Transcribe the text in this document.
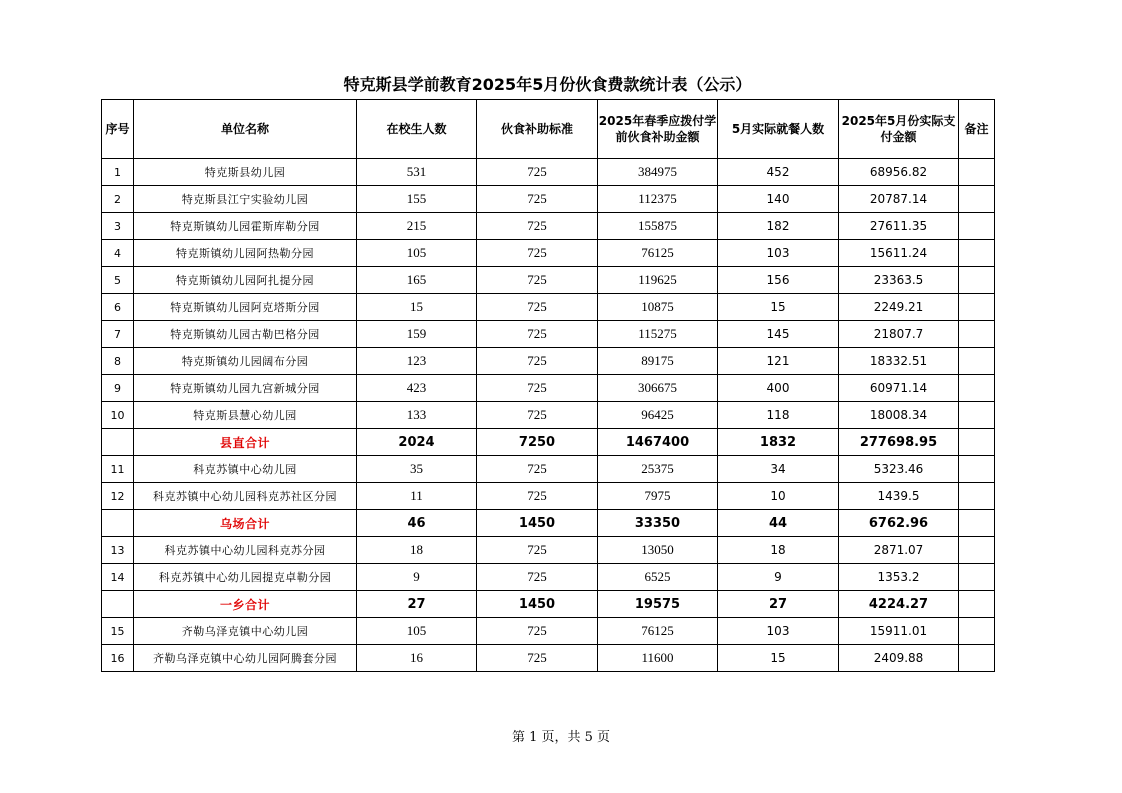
特克斯县学前教育2025年5月份伙食费款统计表（公示）
序号	单位名称	在校生人数	伙食补助标准	2025年春季应拨付学前伙食补助金额	5月实际就餐人数	2025年5月份实际支付金额	备注
1	特克斯县幼儿园	531	725	384975	452	68956.82	
2	特克斯县江宁实验幼儿园	155	725	112375	140	20787.14	
3	特克斯镇幼儿园霍斯库勒分园	215	725	155875	182	27611.35	
4	特克斯镇幼儿园阿热勒分园	105	725	76125	103	15611.24	
5	特克斯镇幼儿园阿扎提分园	165	725	119625	156	23363.5	
6	特克斯镇幼儿园阿克塔斯分园	15	725	10875	15	2249.21	
7	特克斯镇幼儿园古勒巴格分园	159	725	115275	145	21807.7	
8	特克斯镇幼儿园阔布分园	123	725	89175	121	18332.51	
9	特克斯镇幼儿园九宫新城分园	423	725	306675	400	60971.14	
10	特克斯县慧心幼儿园	133	725	96425	118	18008.34	
	县直合计	2024	7250	1467400	1832	277698.95	
11	科克苏镇中心幼儿园	35	725	25375	34	5323.46	
12	科克苏镇中心幼儿园科克苏社区分园	11	725	7975	10	1439.5	
	乌场合计	46	1450	33350	44	6762.96	
13	科克苏镇中心幼儿园科克苏分园	18	725	13050	18	2871.07	
14	科克苏镇中心幼儿园提克卓勒分园	9	725	6525	9	1353.2	
	一乡合计	27	1450	19575	27	4224.27	
15	齐勒乌泽克镇中心幼儿园	105	725	76125	103	15911.01	
16	齐勒乌泽克镇中心幼儿园阿腾套分园	16	725	11600	15	2409.88	
第 1 页，共 5 页
